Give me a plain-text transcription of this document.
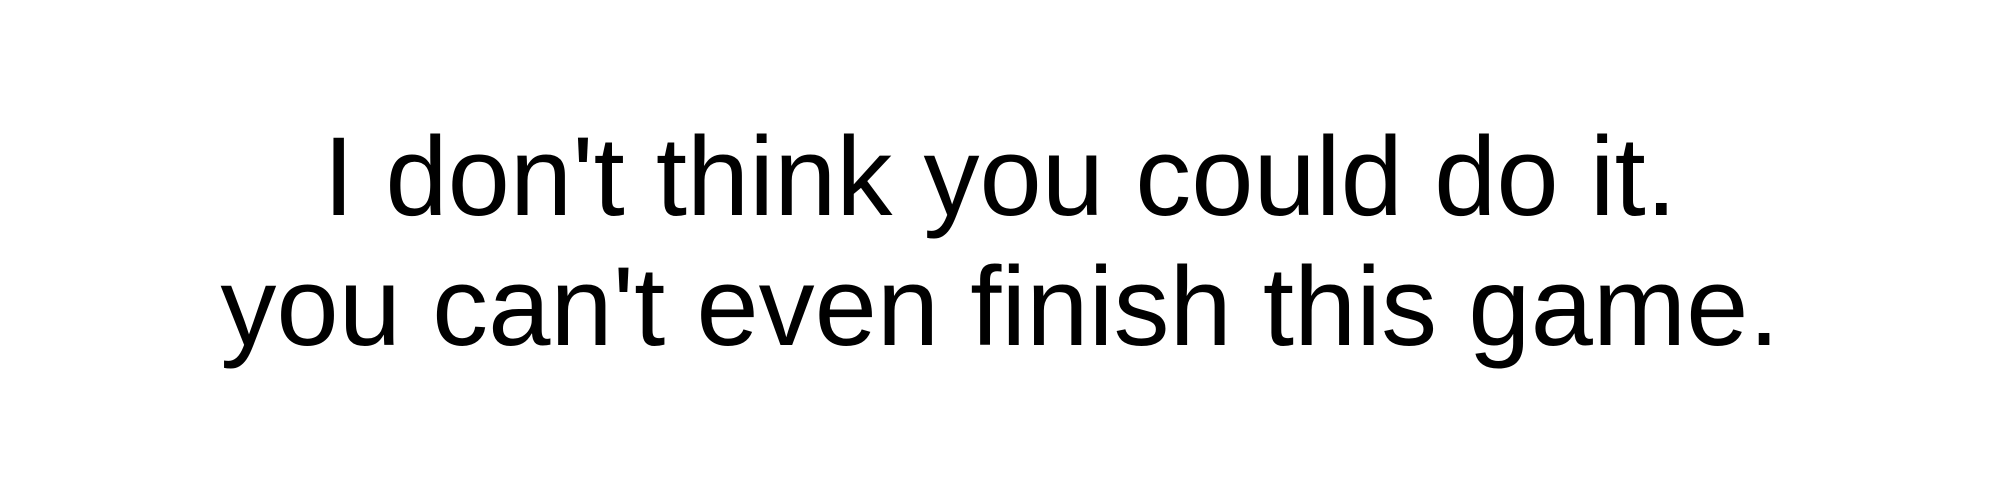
I don't think you could do it.
you can't even finish this game.
